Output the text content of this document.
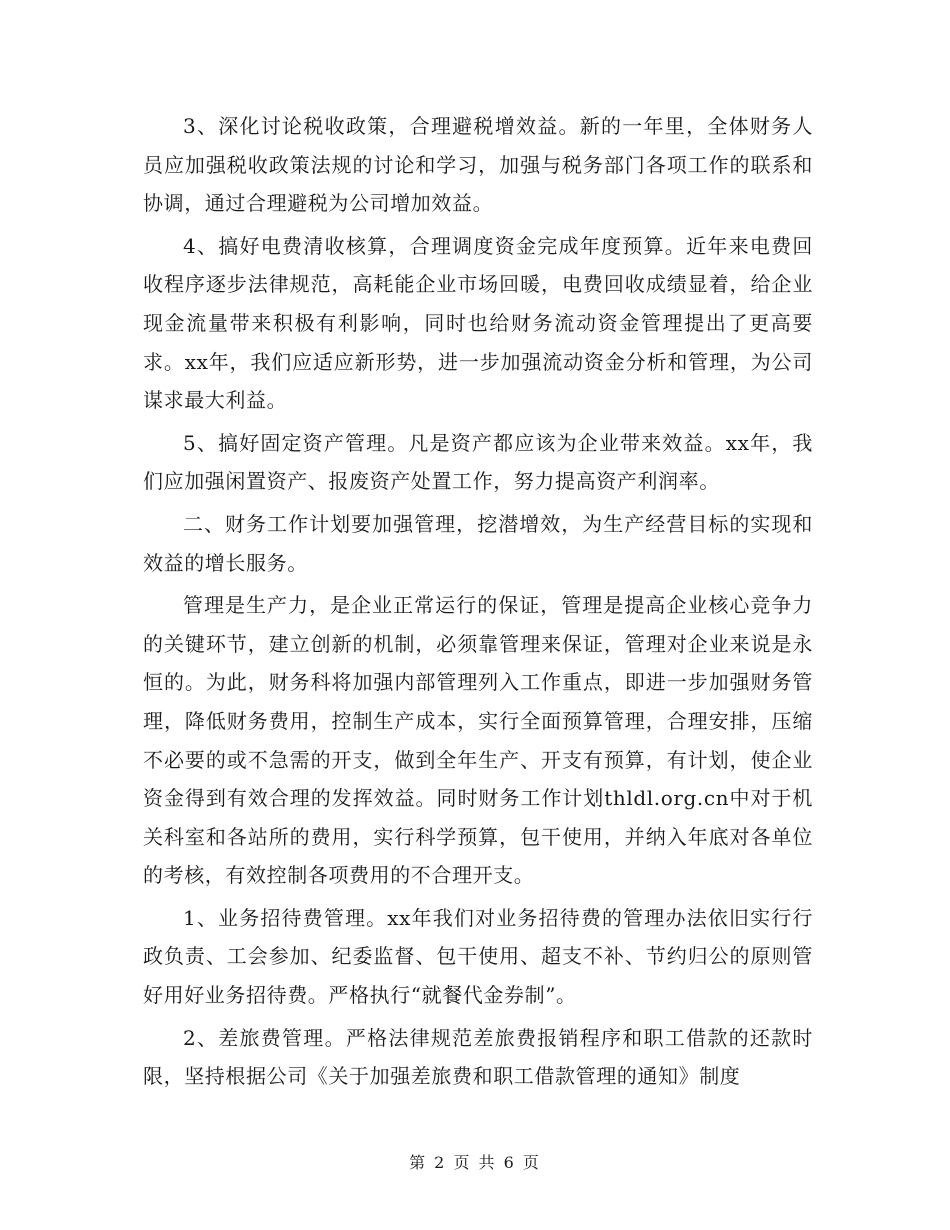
3、深化讨论税收政策，合理避税增效益。新的一年里，全体财务人员应加强税收政策法规的讨论和学习，加强与税务部门各项工作的联系和协调，通过合理避税为公司增加效益。

4、搞好电费清收核算，合理调度资金完成年度预算。近年来电费回收程序逐步法律规范，高耗能企业市场回暖，电费回收成绩显着，给企业现金流量带来积极有利影响，同时也给财务流动资金管理提出了更高要求。xx年，我们应适应新形势，进一步加强流动资金分析和管理，为公司谋求最大利益。

5、搞好固定资产管理。凡是资产都应该为企业带来效益。xx年，我们应加强闲置资产、报废资产处置工作，努力提高资产利润率。

二、财务工作计划要加强管理，挖潜增效，为生产经营目标的实现和效益的增长服务。

管理是生产力，是企业正常运行的保证，管理是提高企业核心竞争力的关键环节，建立创新的机制，必须靠管理来保证，管理对企业来说是永恒的。为此，财务科将加强内部管理列入工作重点，即进一步加强财务管理，降低财务费用，控制生产成本，实行全面预算管理，合理安排，压缩不必要的或不急需的开支，做到全年生产、开支有预算，有计划，使企业资金得到有效合理的发挥效益。同时财务工作计划thldl.org.cn中对于机关科室和各站所的费用，实行科学预算，包干使用，并纳入年底对各单位的考核，有效控制各项费用的不合理开支。

1、业务招待费管理。xx年我们对业务招待费的管理办法依旧实行行政负责、工会参加、纪委监督、包干使用、超支不补、节约归公的原则管好用好业务招待费。严格执行“就餐代金券制”。

2、差旅费管理。严格法律规范差旅费报销程序和职工借款的还款时限，坚持根据公司《关于加强差旅费和职工借款管理的通知》制度

第 2 页 共 6 页
